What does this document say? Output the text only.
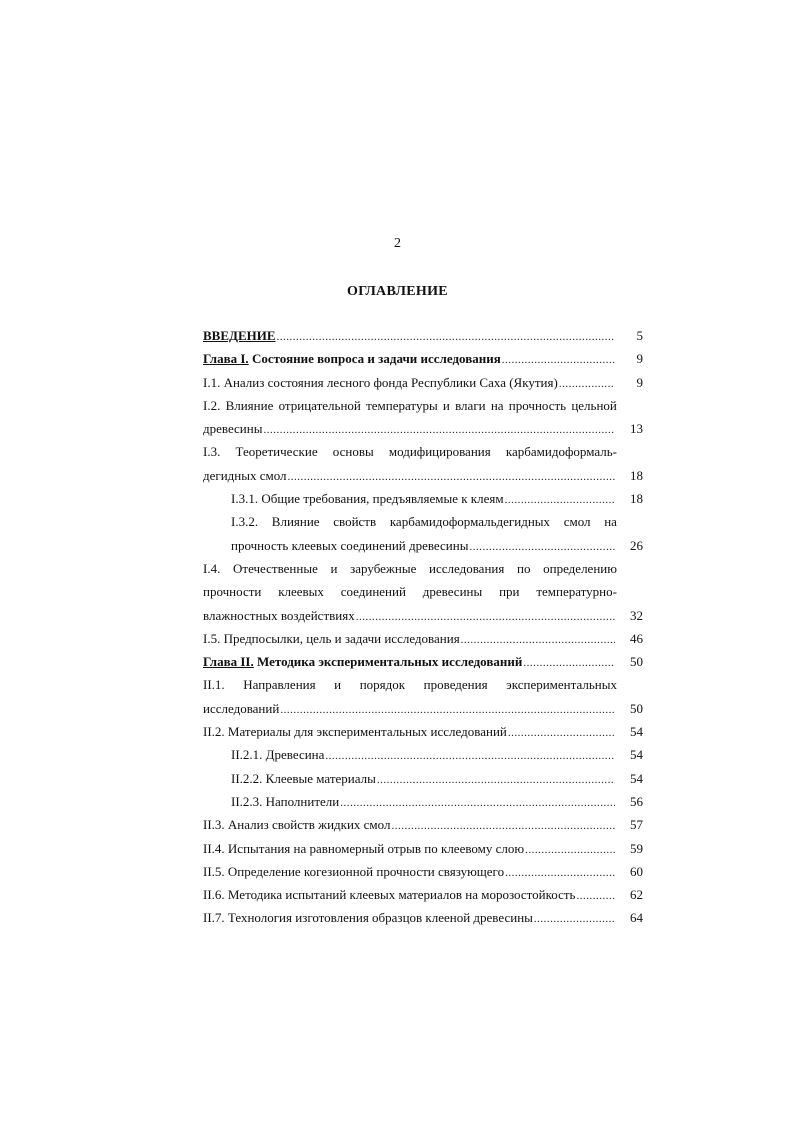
2
ОГЛАВЛЕНИЕ
ВВЕДЕНИЕ .....	5
Глава I. Состояние вопроса и задачи исследования .....	9
I.1. Анализ состояния лесного фонда Республики Саха (Якутия) .....	9
I.2. Влияние отрицательной температуры и влаги на прочность цельной
древесины .....	13
I.3. Теоретические основы модифицирования карбамидоформаль-
дегидных смол .....	18
I.3.1. Общие требования, предъявляемые к клеям .....	18
I.3.2. Влияние свойств карбамидоформальдегидных смол на
прочность клеевых соединений древесины .....	26
I.4. Отечественные и зарубежные исследования по определению
прочности клеевых соединений древесины при температурно-
влажностных воздействиях .....	32
I.5. Предпосылки, цель и задачи исследования .....	46
Глава II. Методика экспериментальных исследований .....	50
II.1. Направления и порядок проведения экспериментальных
исследований .....	50
II.2. Материалы для экспериментальных исследований .....	54
II.2.1. Древесина .....	54
II.2.2. Клеевые материалы .....	54
II.2.3. Наполнители .....	56
II.3. Анализ свойств жидких смол .....	57
II.4. Испытания на равномерный отрыв по клеевому слою .....	59
II.5. Определение когезионной прочности связующего .....	60
II.6. Методика испытаний клеевых материалов на морозостойкость .....	62
II.7. Технология изготовления образцов клееной древесины .....	64
